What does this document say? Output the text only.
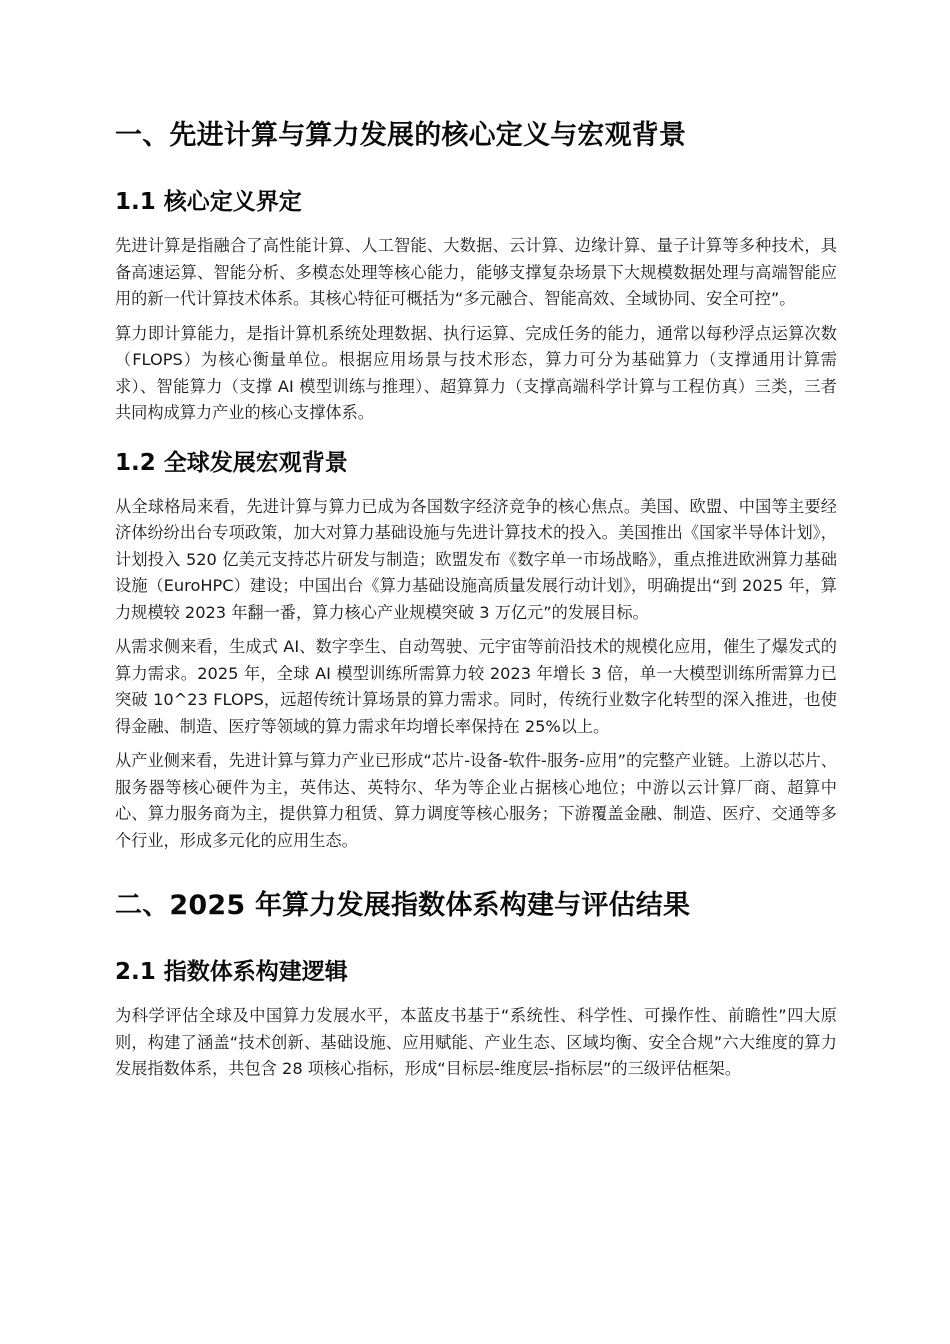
一、先进计算与算力发展的核心定义与宏观背景
1.1 核心定义界定

先进计算是指融合了高性能计算、人工智能、大数据、云计算、边缘计算、量子计算等多种技术，具备高速运算、智能分析、多模态处理等核心能力，能够支撑复杂场景下大规模数据处理与高端智能应用的新一代计算技术体系。其核心特征可概括为“多元融合、智能高效、全域协同、安全可控”。

算力即计算能力，是指计算机系统处理数据、执行运算、完成任务的能力，通常以每秒浮点运算次数（FLOPS）为核心衡量单位。根据应用场景与技术形态，算力可分为基础算力（支撑通用计算需求）、智能算力（支撑 AI 模型训练与推理）、超算算力（支撑高端科学计算与工程仿真）三类，三者共同构成算力产业的核心支撑体系。

1.2 全球发展宏观背景

从全球格局来看，先进计算与算力已成为各国数字经济竞争的核心焦点。美国、欧盟、中国等主要经济体纷纷出台专项政策，加大对算力基础设施与先进计算技术的投入。美国推出《国家半导体计划》，计划投入 520 亿美元支持芯片研发与制造；欧盟发布《数字单一市场战略》，重点推进欧洲算力基础设施（EuroHPC）建设；中国出台《算力基础设施高质量发展行动计划》，明确提出“到 2025 年，算力规模较 2023 年翻一番，算力核心产业规模突破 3 万亿元”的发展目标。

从需求侧来看，生成式 AI、数字孪生、自动驾驶、元宇宙等前沿技术的规模化应用，催生了爆发式的算力需求。2025 年，全球 AI 模型训练所需算力较 2023 年增长 3 倍，单一大模型训练所需算力已突破 10^23 FLOPS，远超传统计算场景的算力需求。同时，传统行业数字化转型的深入推进，也使得金融、制造、医疗等领域的算力需求年均增长率保持在 25%以上。

从产业侧来看，先进计算与算力产业已形成“芯片-设备-软件-服务-应用”的完整产业链。上游以芯片、服务器等核心硬件为主，英伟达、英特尔、华为等企业占据核心地位；中游以云计算厂商、超算中心、算力服务商为主，提供算力租赁、算力调度等核心服务；下游覆盖金融、制造、医疗、交通等多个行业，形成多元化的应用生态。

二、2025 年算力发展指数体系构建与评估结果
2.1 指数体系构建逻辑

为科学评估全球及中国算力发展水平，本蓝皮书基于“系统性、科学性、可操作性、前瞻性”四大原则，构建了涵盖“技术创新、基础设施、应用赋能、产业生态、区域均衡、安全合规”六大维度的算力发展指数体系，共包含 28 项核心指标，形成“目标层-维度层-指标层”的三级评估框架。
